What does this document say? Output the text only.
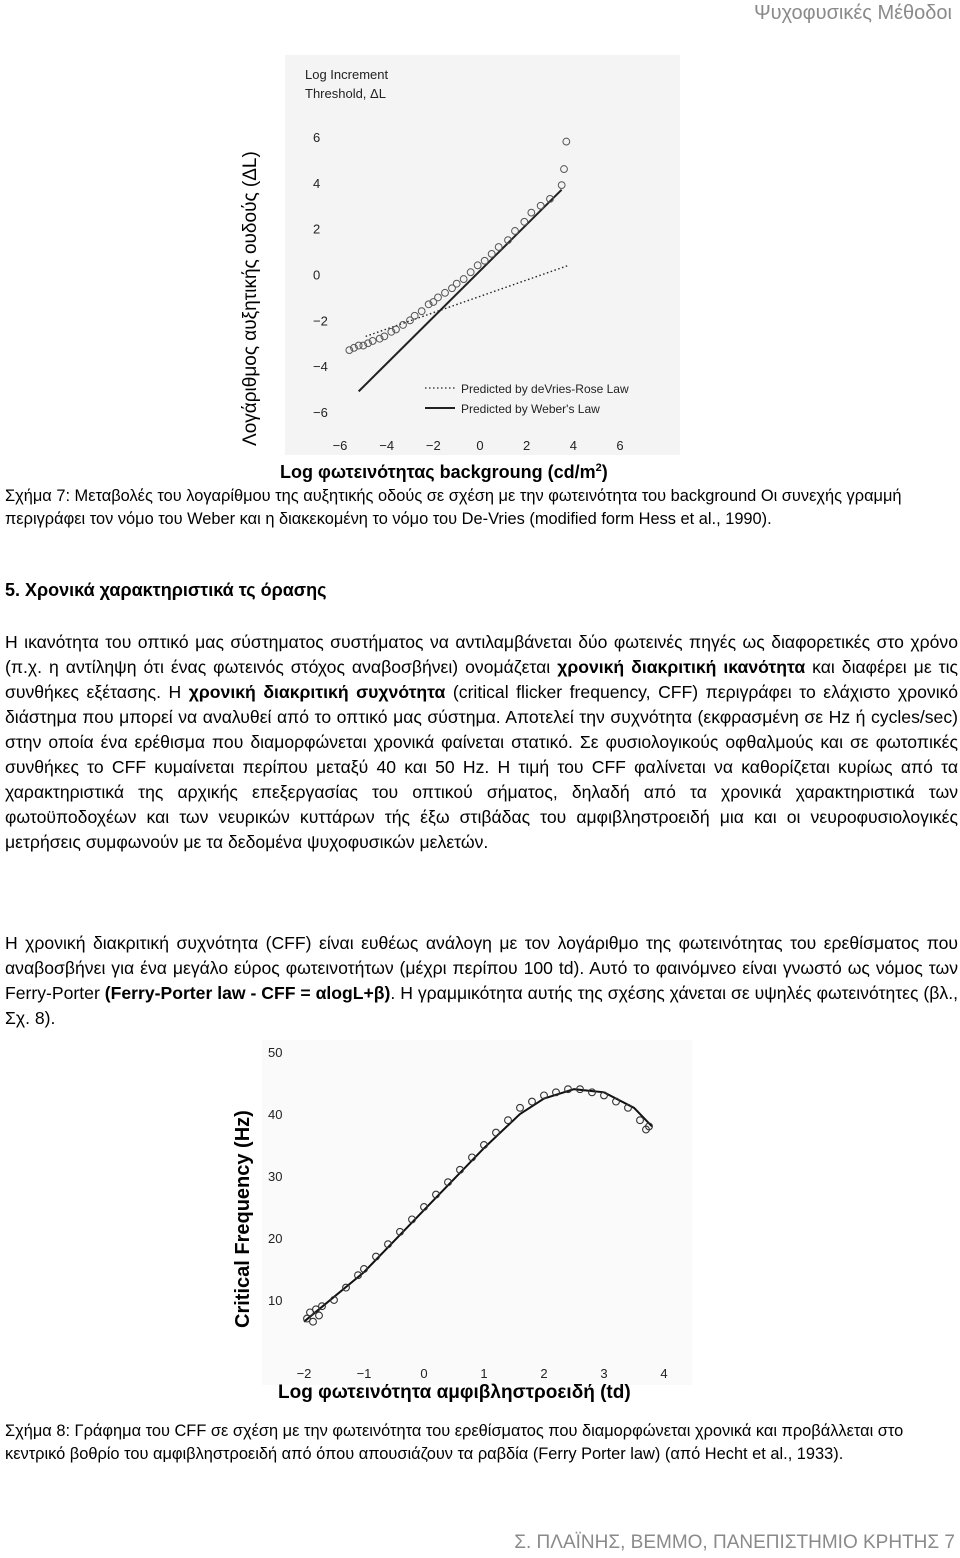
Ψυχοφυσικές Μέθοδοι
Λογάριθμος αυξητικής ουδούς (ΔL)
Log Increment
Threshold, ΔL
6
4
2
0
−2
−4
−6
−6 −4 −2	0	2	4	6
Predicted by deVries-Rose Law
Predicted by Weber's Law
Log φωτεινότητας backgroung $(cd/m^2)$
Σχήμα 7: Μεταβολές του λογαρίθμου της αυξητικής οδούς σε σχέση με την φωτεινότητα του background Οι συνεχής γραμμή περιγράφει τον νόμο του Weber και η διακεκομένη το νόμο του De-Vries (modified form Hess et al., 1990).
5. Χρονικά χαρακτηριστικά τς όρασης
Η ικανότητα του οπτικό μας σύστηματος συστήματος να αντιλαμβάνεται δύο φωτεινές πηγές ως διαφορετικές στο χρόνο (π.χ. η αντίληψη ότι ένας φωτεινός στόχος αναβοσβήνει) ονομάζεται χρονική διακριτική ικανότητα και διαφέρει με τις συνθήκες εξέτασης. Η χρονική διακριτική συχνότητα (critical flicker frequency, CFF) περιγράφει το ελάχιστο χρονικό διάστημα που μπορεί να αναλυθεί από το οπτικό μας σύστημα. Αποτελεί την συχνότητα (εκφρασμένη σε Hz ή cycles/sec) στην οποία ένα ερέθισμα που διαμορφώνεται χρονικά φαίνεται στατικό. Σε φυσιολογικούς οφθαλμούς και σε φωτοπικές συνθήκες το CFF κυμαίνεται περίπου μεταξύ 40 και 50 Hz. Η τιμή του CFF φαλίνεται να καθορίζεται κυρίως από τα χαρακτηριστικά της αρχικής επεξεργασίας του οπτικού σήματος, δηλαδή από τα χρονικά χαρακτηριστικά των φωτοϋποδοχέων και των νευρικών κυττάρων τής έξω στιβάδας του αμφιβληστροειδή μια και οι νευροφυσιολογικές μετρήσεις συμφωνούν με τα δεδομένα ψυχοφυσικών μελετών.
Η χρονική διακριτική συχνότητα (CFF) είναι ευθέως ανάλογη με τον λογάριθμο της φωτεινότητας του ερεθίσματος που αναβοσβήνει για ένα μεγάλο εύρος φωτεινοτήτων (μέχρι περίπου 100 td). Αυτό το φαινόμνεο είναι γνωστό ως νόμος των Ferry-Porter (Ferry-Porter law - CFF = αlogL+β). Η γραμμικότητα αυτής της σχέσης χάνεται σε υψηλές φωτεινότητες (βλ., Σχ. 8).
Critical Frequency (Hz)
50
40
30
20
10
−2	−1	0	1	2	3	4
Log φωτεινότητα αμφιβληστροειδή (td)
Σχήμα 8: Γράφημα του CFF σε σχέση με την φωτεινότητα του ερεθίσματος που διαμορφώνεται χρονικά και προβάλλεται στο κεντρικό βοθρίο του αμφιβληστροειδή από όπου απουσιάζουν τα ραβδία (Ferry Porter law) (από Hecht et al., 1933).
Σ. ΠΛΑΪΝΗΣ, ΒΕΜΜΟ, ΠΑΝΕΠΙΣΤΗΜΙΟ ΚΡΗΤΗΣ 7
